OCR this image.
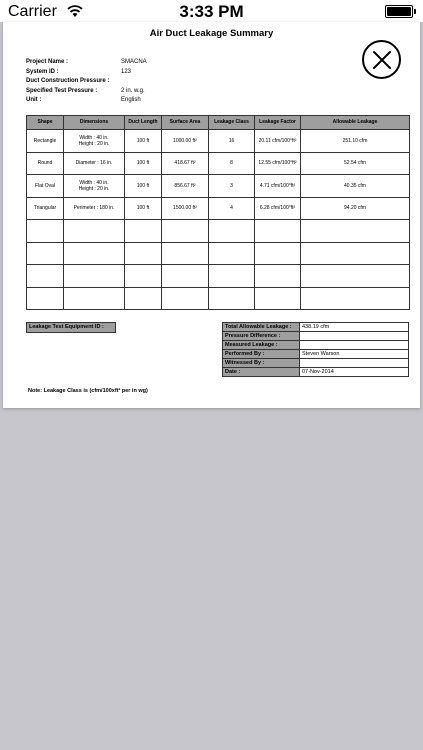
Carrier	3:33 PM
Air Duct Leakage Summary
Project Name :	SMACNA
System ID :	123
Duct Construction Pressure :
Specified Test Pressure :	2 in. w.g.
Unit :	English
Shape	Dimensions	Duct Length	Surface Area	Leakage Class	Leakage Factor	Allowable Leakage
Rectangle	Width : 40 in.
Height : 20 in.	100 ft	1000.00 ft²	16	20.11 cfm/100°ft²	251.10 cfm
Round	Diameter : 16 in.	100 ft	418.67 ft²	8	12.55 cfm/100°ft²	52.54 cfm
Flat Oval	Width : 40 in.
Height : 20 in.	100 ft	856.67 ft²	3	4.71 cfm/100°ft²	40.35 cfm
Triangular	Perimeter : 180 in.	100 ft	1500.00 ft²	4	6.28 cfm/100°ft²	94.20 cfm

Leakage Test Equipment ID :	Total Allowable Leakage :	438.19 cfm
Pressure Difference :	
Measured Leakage :	
Performed By :	Steven Warson
Witnessed By :	
Date :	07-Nov-2014
Note: Leakage Class is (cfm/100xft² per in wg)
